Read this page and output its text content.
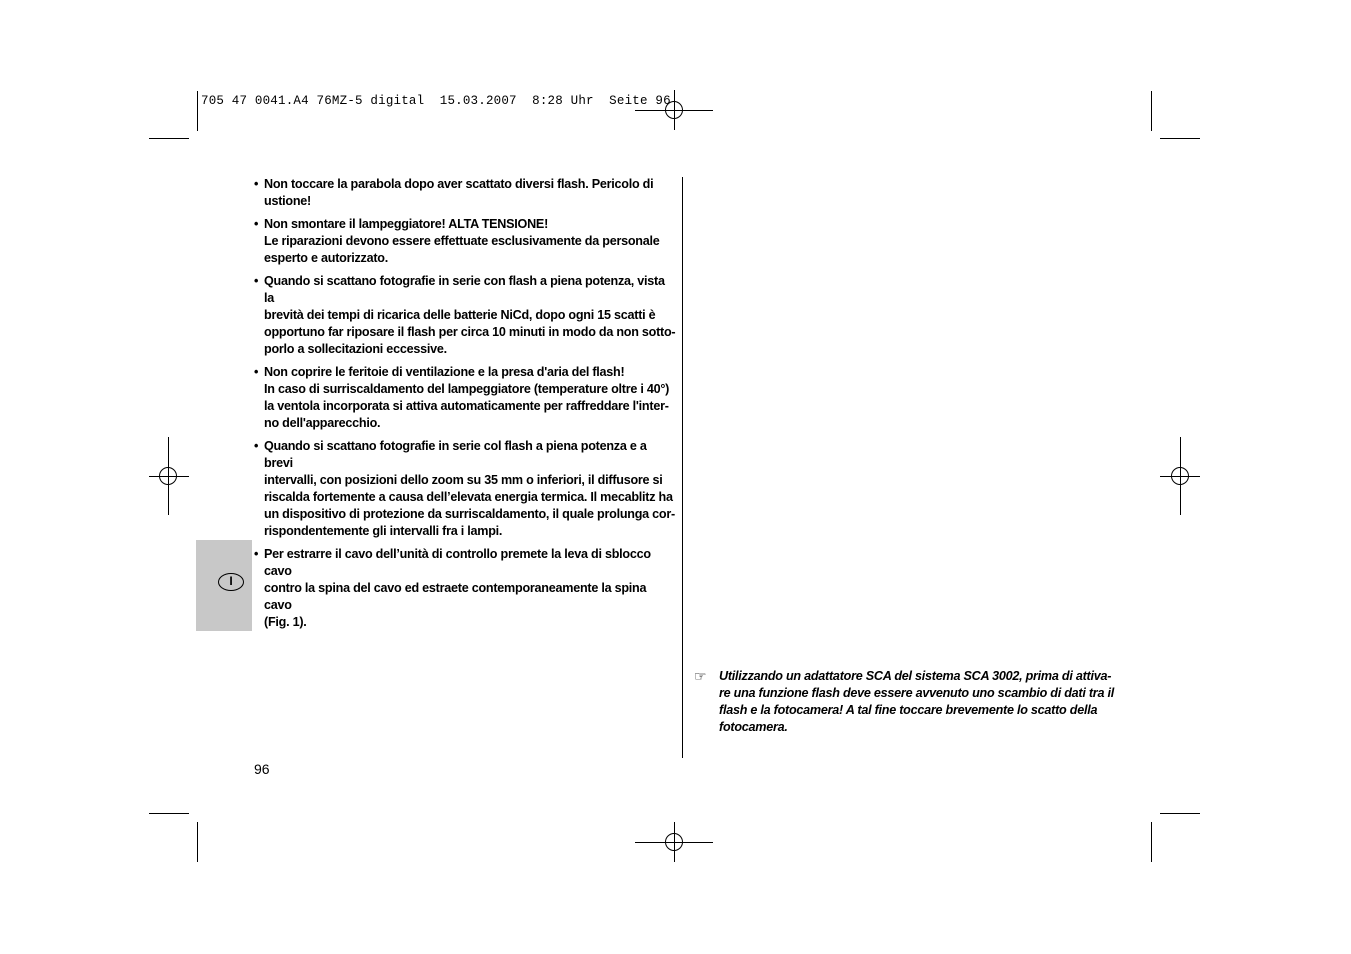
705 47 0041.A4 76MZ-5 digital  15.03.2007  8:28 Uhr  Seite 96
I
• Non toccare la parabola dopo aver scattato diversi flash. Pericolo di

ustione!

• Non smontare il lampeggiatore! ALTA TENSIONE!

Le riparazioni devono essere effettuate esclusivamente da personale

esperto e autorizzato.

• Quando si scattano fotografie in serie con flash a piena potenza, vista la

brevità dei tempi di ricarica delle batterie NiCd, dopo ogni 15 scatti è

opportuno far riposare il flash per circa 10 minuti in modo da non sotto-

porlo a sollecitazioni eccessive.

• Non coprire le feritoie di ventilazione e la presa d'aria del flash!

In caso di surriscaldamento del lampeggiatore (temperature oltre i 40°)

la ventola incorporata si attiva automaticamente per raffreddare l'inter-

no dell'apparecchio.

• Quando si scattano fotografie in serie col flash a piena potenza e a brevi

intervalli, con posizioni dello zoom su 35 mm o inferiori, il diffusore si

riscalda fortemente a causa dell’elevata energia termica. Il mecablitz ha

un dispositivo di protezione da surriscaldamento, il quale prolunga cor-

rispondentemente gli intervalli fra i lampi.

• Per estrarre il cavo dell’unità di controllo premete la leva di sblocco cavo

contro la spina del cavo ed estraete contemporaneamente la spina cavo

(Fig. 1).

☞ Utilizzando un adattatore SCA del sistema SCA 3002, prima di attiva-

re una funzione flash deve essere avvenuto uno scambio di dati tra il

flash e la fotocamera! A tal fine toccare brevemente lo scatto della

fotocamera.

96
